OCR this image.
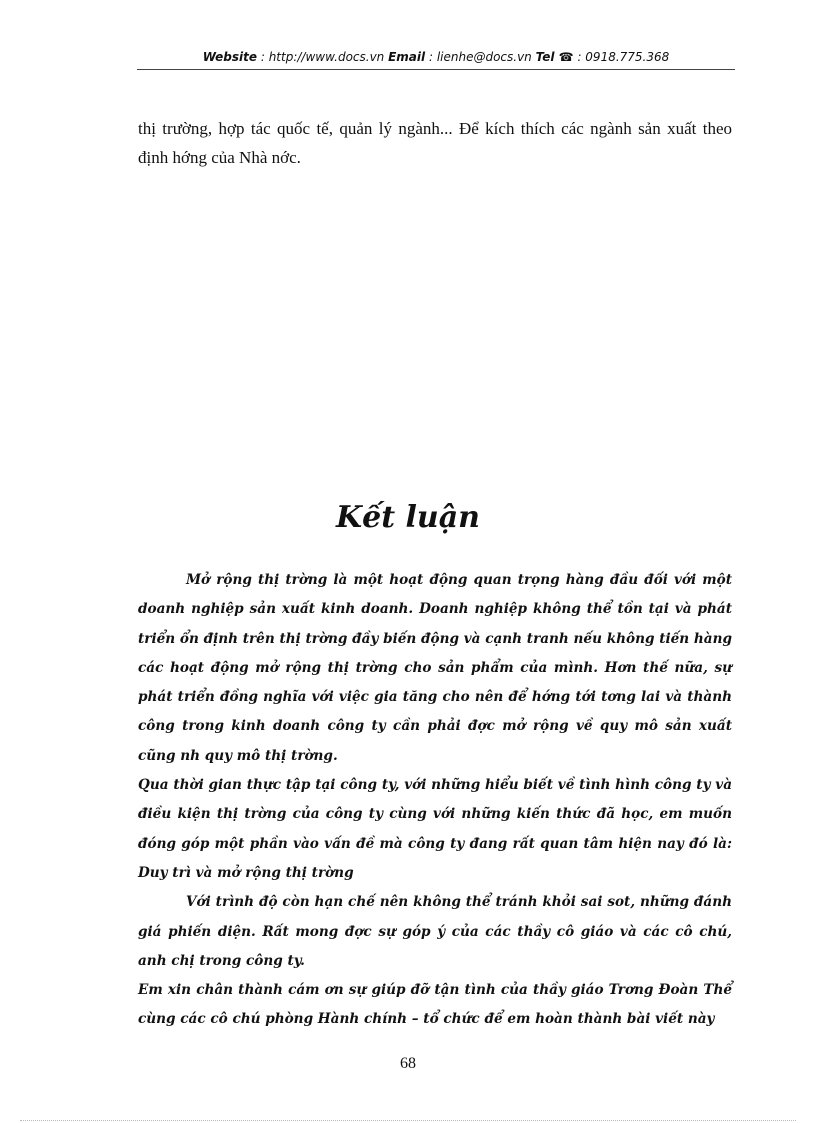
Website : http://www.docs.vn Email : lienhe@docs.vn Tel ☎ : 0918.775.368

thị trường, hợp tác quốc tế, quản lý ngành... Để kích thích các ngành sản xuất theo định hớng của Nhà nớc.

Kết luận

Mở rộng thị trờng là một hoạt động quan trọng hàng đầu đối với một doanh nghiệp sản xuất kinh doanh. Doanh nghiệp không thể tồn tại và phát triển ổn định trên thị trờng đầy biến động và cạnh tranh nếu không tiến hàng các hoạt động mở rộng thị trờng cho sản phẩm của mình. Hơn thế nữa, sự phát triển đồng nghĩa với việc gia tăng cho nên để hớng tới tơng lai và thành công trong kinh doanh công ty cần phải đợc mở rộng về quy mô sản xuất cũng nh quy mô thị trờng.

Qua thời gian thực tập tại công ty, với những hiểu biết về tình hình công ty và điều kiện thị trờng của công ty cùng với những kiến thức đã học, em muốn đóng góp một phần vào vấn đề mà công ty đang rất quan tâm hiện nay đó là: Duy trì và mở rộng thị trờng

Với trình độ còn hạn chế nên không thể tránh khỏi sai sot, những đánh giá phiến diện. Rất mong đợc sự góp ý của các thầy cô giáo và các cô chú, anh chị trong công ty.

Em xin chân thành cám ơn sự giúp đỡ tận tình của thầy giáo Trơng Đoàn Thể cùng các cô chú phòng Hành chính – tổ chức để em hoàn thành bài viết này

68
